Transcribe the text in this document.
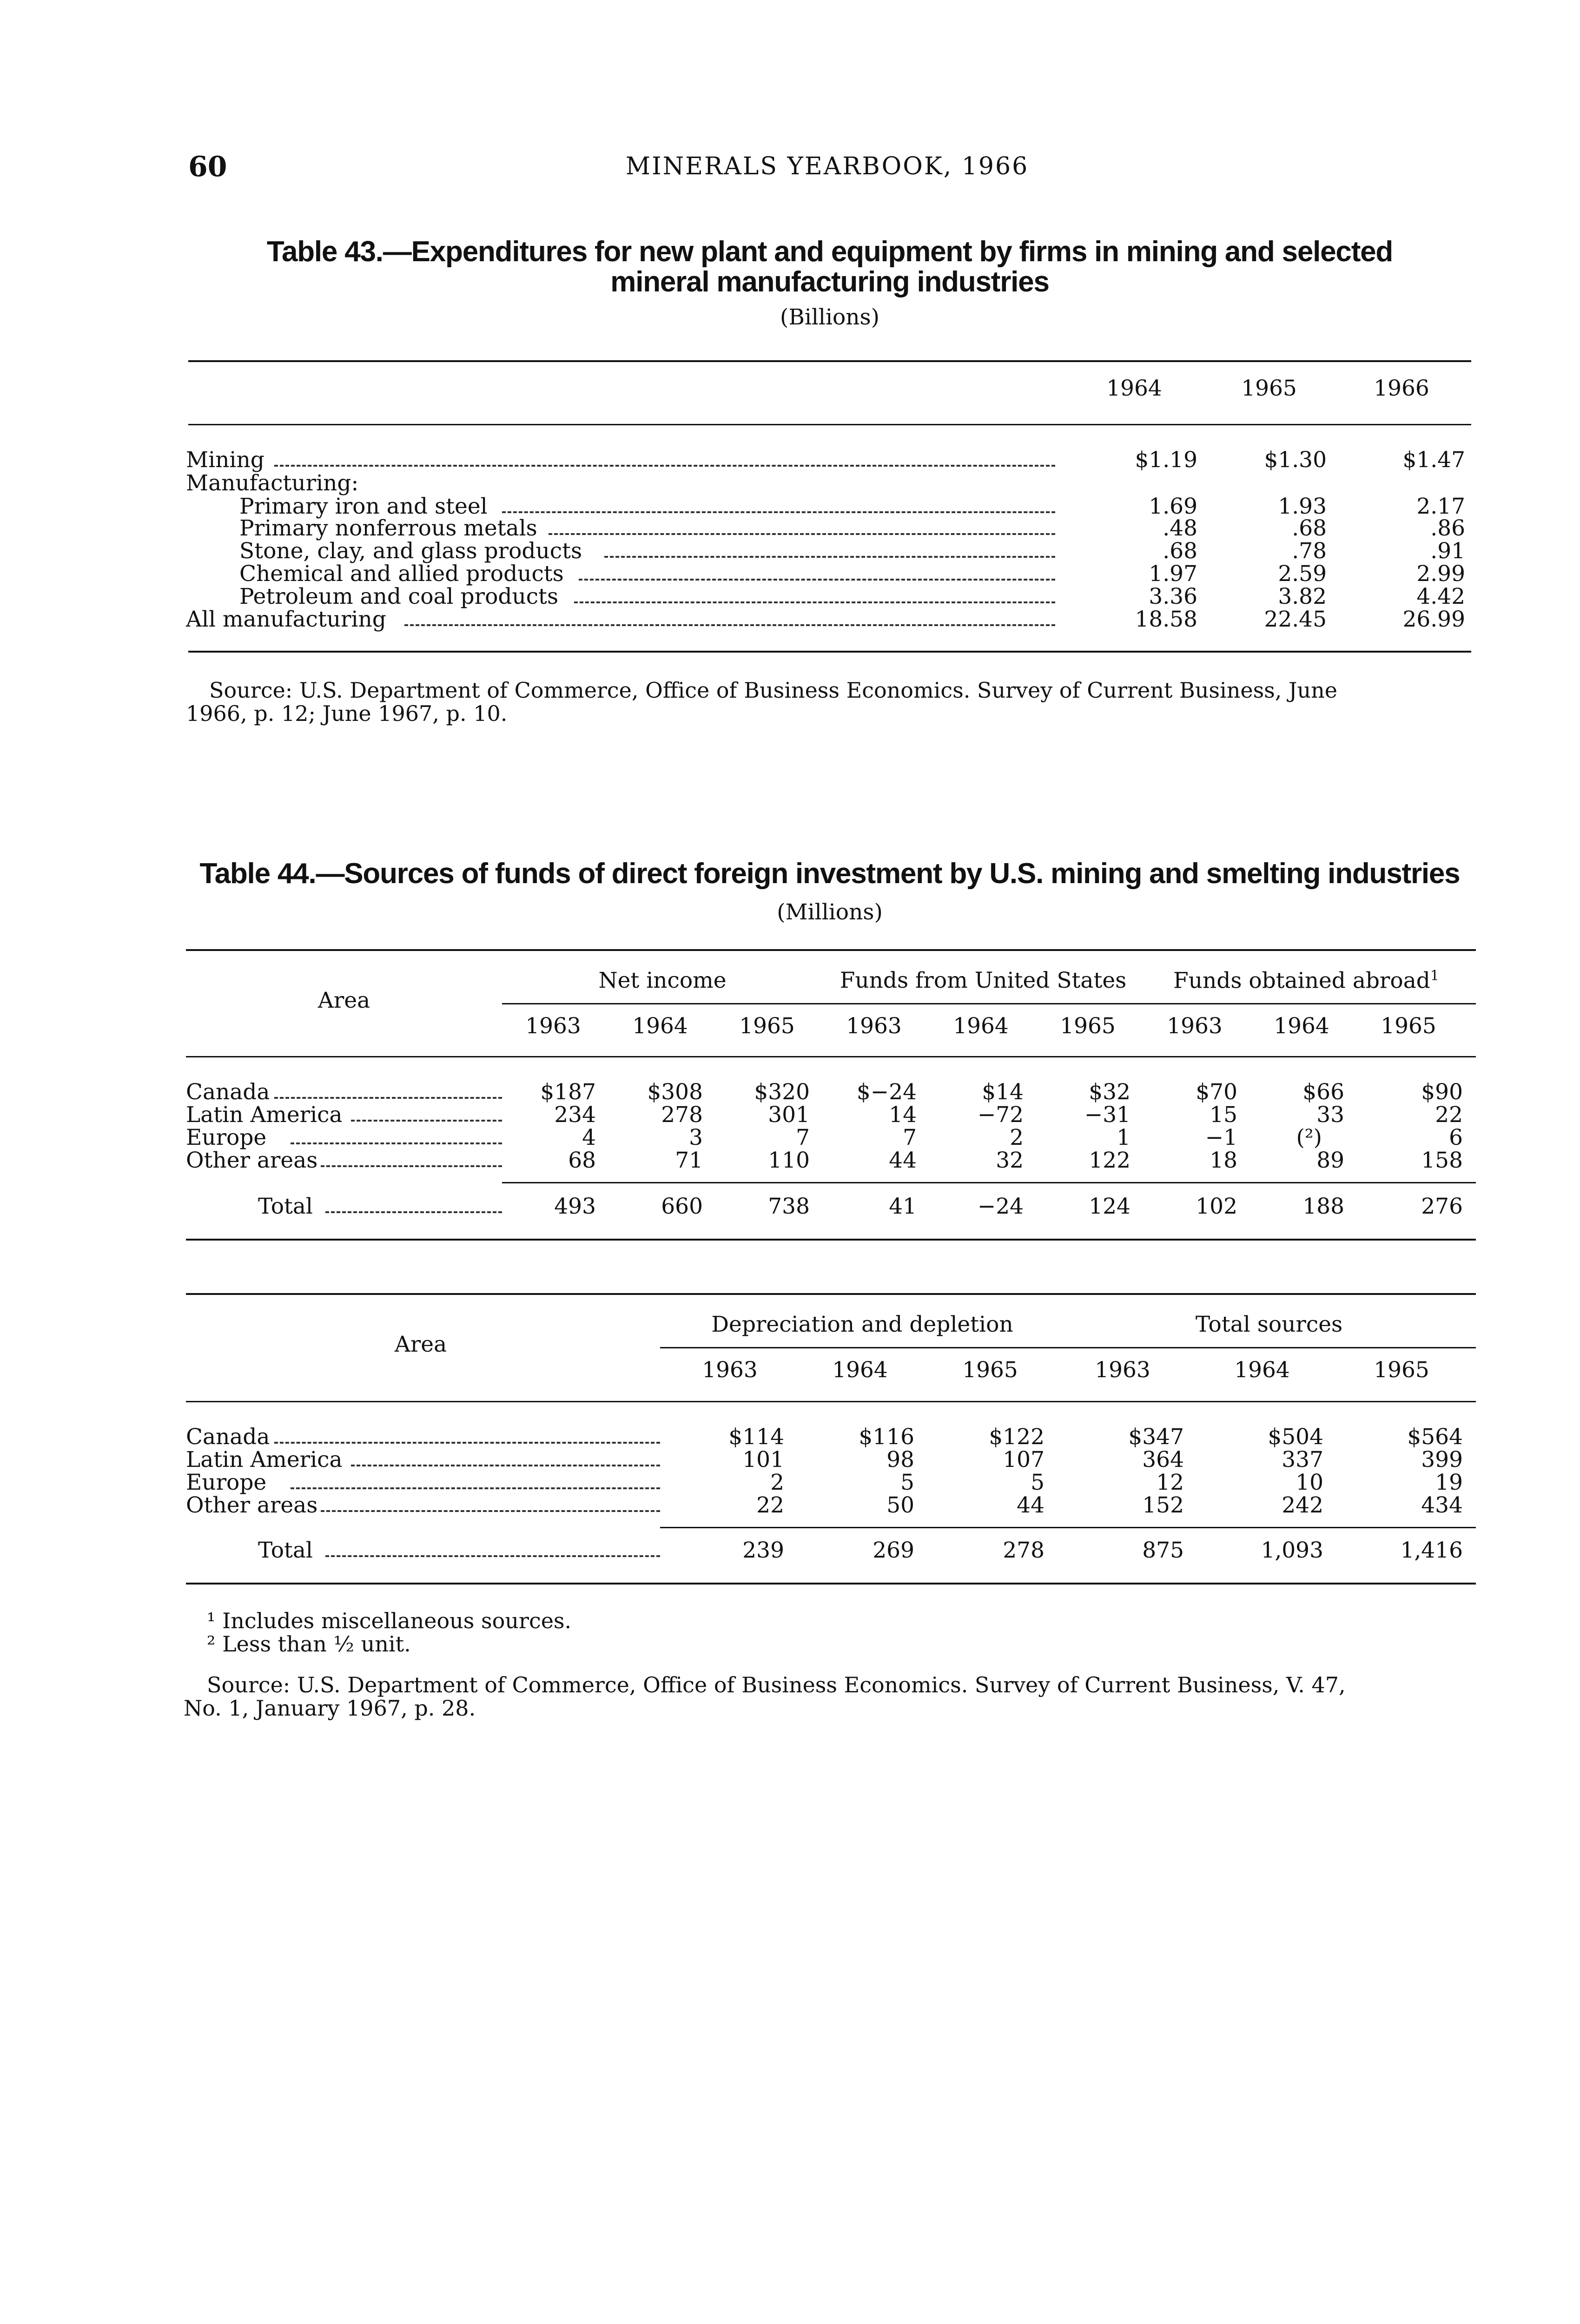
60	MINERALS YEARBOOK, 1966
Table 43.—Expenditures for new plant and equipment by firms in mining and selected
mineral manufacturing industries
(Billions)
1964	1965	1966
Mining	$1.19	$1.30	$1.47
Manufacturing:
Primary iron and steel	1.69	1.93	2.17
Primary nonferrous metals	.48	.68	.86
Stone, clay, and glass products	.68	.78	.91
Chemical and allied products	1.97	2.59	2.99
Petroleum and coal products	3.36	3.82	4.42
All manufacturing	18.58	22.45	26.99
Source: U.S. Department of Commerce, Office of Business Economics. Survey of Current Business, June
1966, p. 12; June 1967, p. 10.
Table 44.—Sources of funds of direct foreign investment by U.S. mining and smelting industries
(Millions)
Area
Net income	Funds from United States	Funds obtained abroad$^1$
1963 1964 1965 1963 1964 1965 1963 1964 1965
Canada	$187 $308 $320 $−24	$14	$32	$70	$66	$90
Latin America	234	278	301	14	−72	−31	15	33	22
Europe	4	3	7	7	2	1	−1	(²)	6
Other areas	68	71	110	44	32	122	18	89	158
Total	493	660	738	41	−24	124	102	188	276
Area
Depreciation and depletion	Total sources
1963	1964	1965	1963	1964	1965
Canada	$114	$116	$122	$347	$504	$564
Latin America	101	98	107	364	337	399
Europe	2	5	5	12	10	19
Other areas	22	50	44	152	242	434
Total	239	269	278	875	1,093	1,416
¹ Includes miscellaneous sources.
² Less than ½ unit.
Source: U.S. Department of Commerce, Office of Business Economics. Survey of Current Business, V. 47,
No. 1, January 1967, p. 28.
